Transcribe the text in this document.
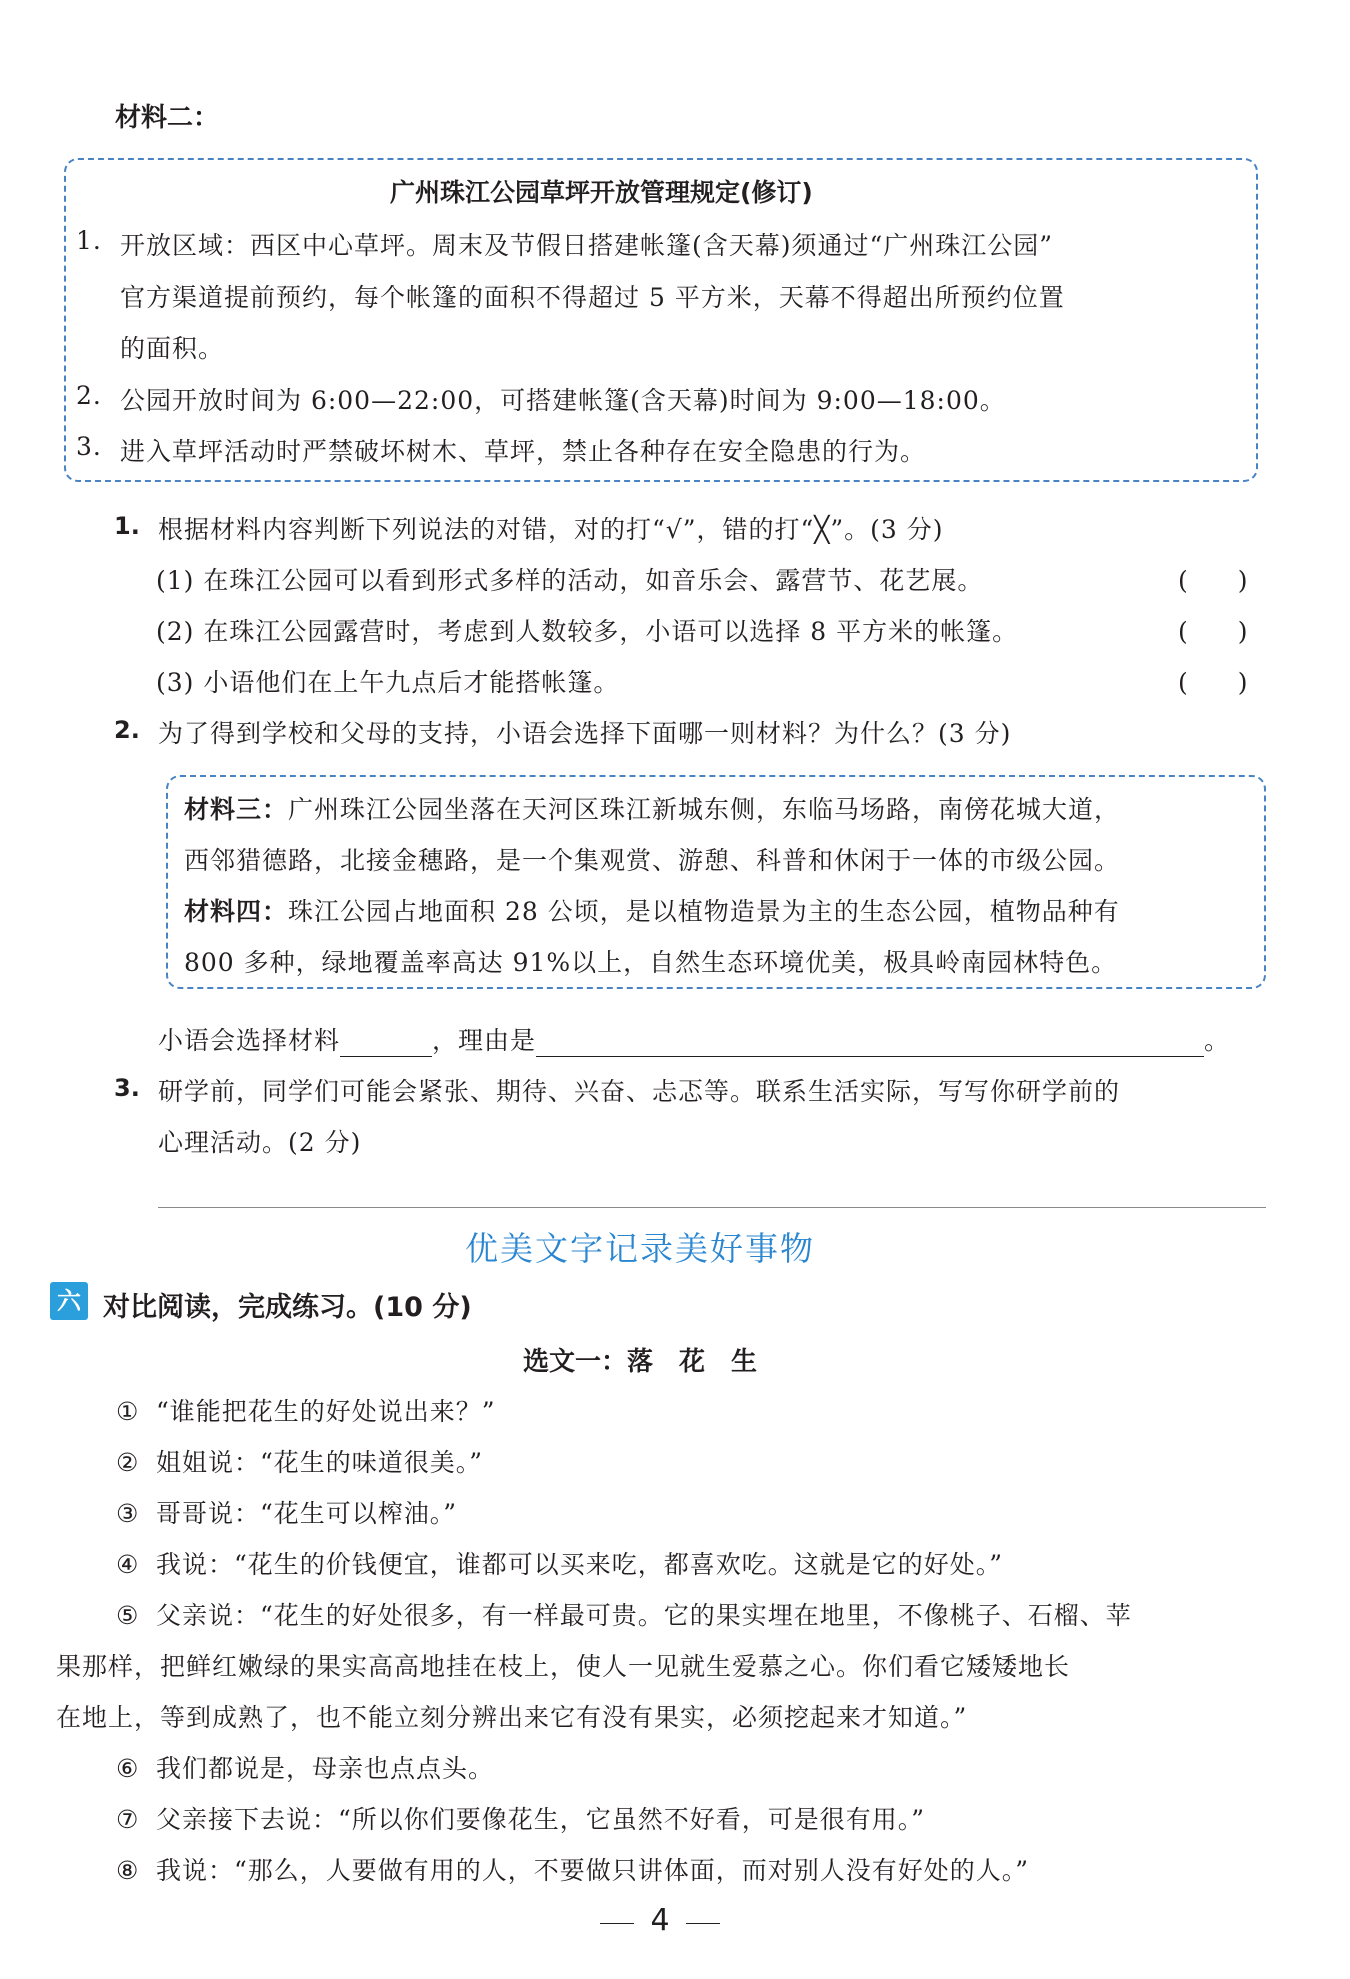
材料二：
广州珠江公园草坪开放管理规定(修订)
1. 开放区域：西区中心草坪。周末及节假日搭建帐篷(含天幕)须通过“广州珠江公园”
官方渠道提前预约，每个帐篷的面积不得超过 5 平方米，天幕不得超出所预约位置
的面积。
2. 公园开放时间为 6:00—22:00，可搭建帐篷(含天幕)时间为 9:00—18:00。
3. 进入草坪活动时严禁破坏树木、草坪，禁止各种存在安全隐患的行为。
1. 根据材料内容判断下列说法的对错，对的打“√”，错的打“╳”。(3 分)
(1) 在珠江公园可以看到形式多样的活动，如音乐会、露营节、花艺展。	(　　)
(2) 在珠江公园露营时，考虑到人数较多，小语可以选择 8 平方米的帐篷。	(　　)
(3) 小语他们在上午九点后才能搭帐篷。	(　　)
2. 为了得到学校和父母的支持，小语会选择下面哪一则材料？为什么？(3 分)
材料三：广州珠江公园坐落在天河区珠江新城东侧，东临马场路，南傍花城大道，
西邻猎德路，北接金穗路，是一个集观赏、游憩、科普和休闲于一体的市级公园。
材料四：珠江公园占地面积 28 公顷，是以植物造景为主的生态公园，植物品种有
800 多种，绿地覆盖率高达 91%以上，自然生态环境优美，极具岭南园林特色。
小语会选择材料	，理由是	。
3. 研学前，同学们可能会紧张、期待、兴奋、忐忑等。联系生活实际，写写你研学前的
心理活动。(2 分)
优美文字记录美好事物
六 对比阅读，完成练习。(10 分)
选文一：落　花　生
① “谁能把花生的好处说出来？”
② 姐姐说：“花生的味道很美。”
③ 哥哥说：“花生可以榨油。”
④ 我说：“花生的价钱便宜，谁都可以买来吃，都喜欢吃。这就是它的好处。”
⑤ 父亲说：“花生的好处很多，有一样最可贵。它的果实埋在地里，不像桃子、石榴、苹
果那样，把鲜红嫩绿的果实高高地挂在枝上，使人一见就生爱慕之心。你们看它矮矮地长
在地上，等到成熟了，也不能立刻分辨出来它有没有果实，必须挖起来才知道。”
⑥ 我们都说是，母亲也点点头。
⑦ 父亲接下去说：“所以你们要像花生，它虽然不好看，可是很有用。”
⑧ 我说：“那么，人要做有用的人，不要做只讲体面，而对别人没有好处的人。”
4
